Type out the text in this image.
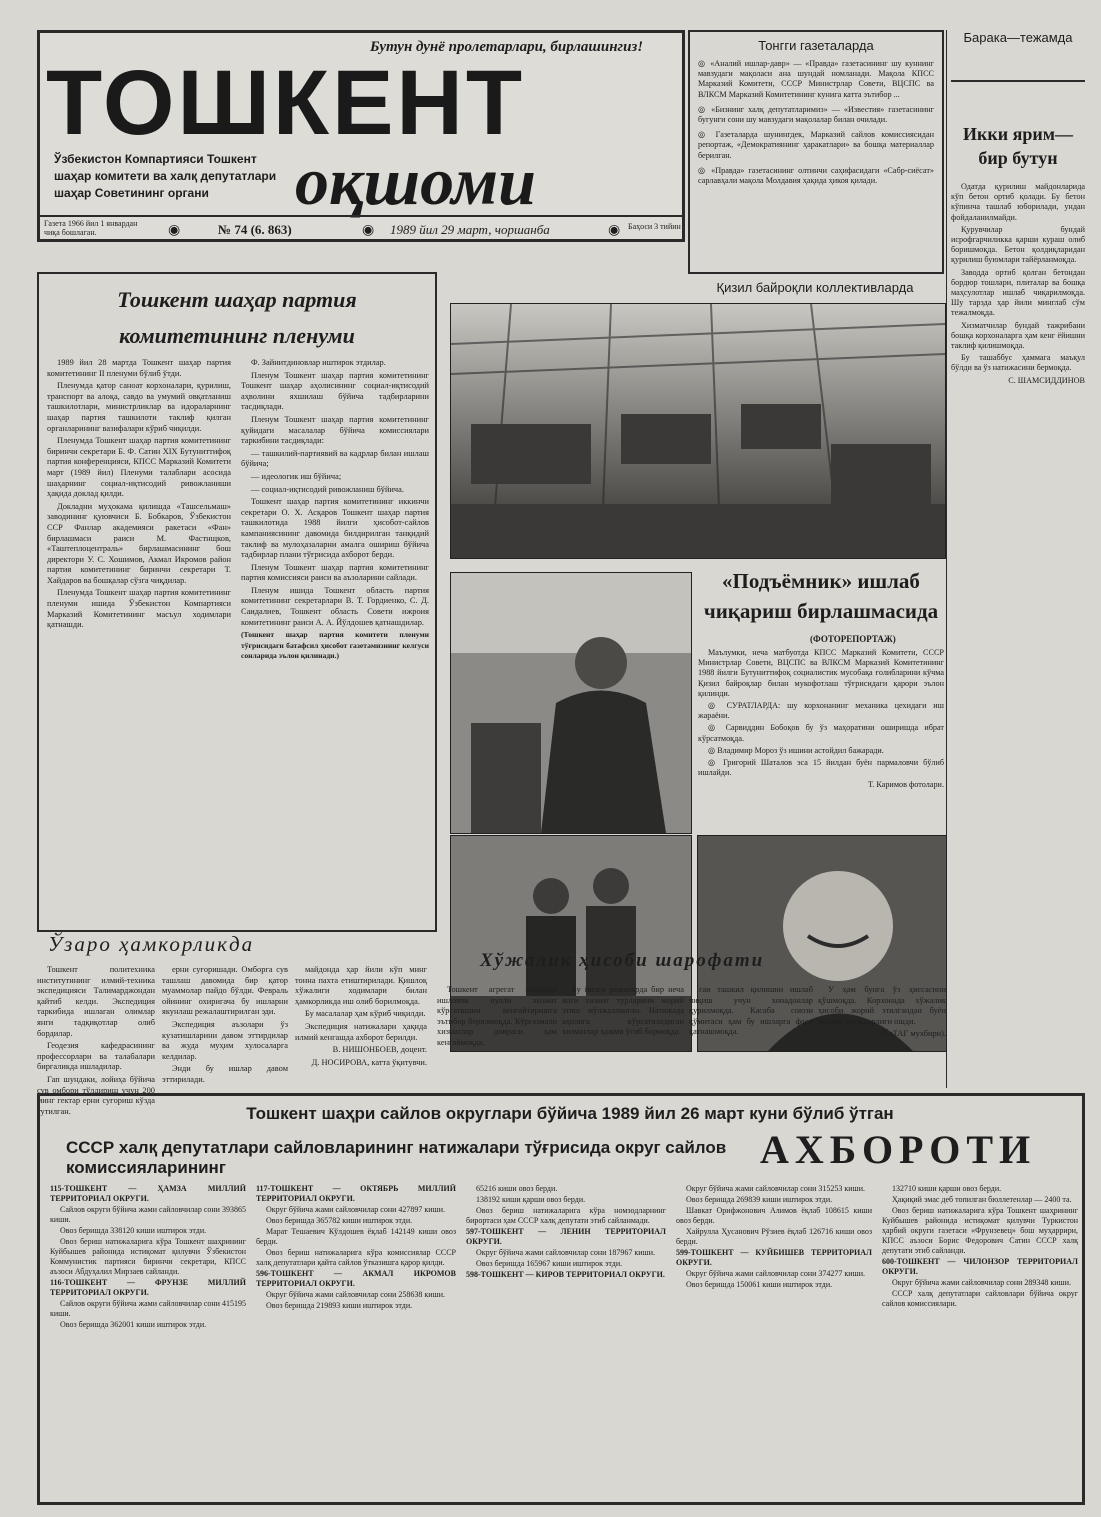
Бутун дунё пролетарлари, бирлашингиз!
ТОШКЕНТ
оқшоми
Ўзбекистон Компартияси Тошкент шаҳар комитети ва халқ депутатлари шаҳар Советининг органи
Газета 1966 йил 1 январдан чиқа бошлаган.	◉	№ 74 (6. 863)	◉ 1989 йил 29 март, чоршанба	◉ Баҳоси 3 тийин
Тонгги газеталарда

◎ «Аналий ишлар-давр» — «Правда» газетасининг шу куннинг мавзудаги мақоласи ана шундай номланади. Мақола КПСС Марказий Комитети, СССР Министрлар Совети, ВЦСПС ва ВЛКСМ Марказий Комитетининг кунига катта эътибор ...

◎ «Бизнинг халқ депутатларимиз» — «Известия» газетасининг бугунги сони шу мавзудаги мақолалар билан очилади.

◎ Газеталарда шунингдек, Марказий сайлов комиссиясидан репортаж, «Демократиянинг ҳаракатлари» ва бошқа материаллар берилган.

◎ «Правда» газетасининг олтинчи саҳифасидаги «Сабр-сиёсат» сарлавҳали мақола Молдавия ҳақида ҳикоя қилади.

Барака—тежамда
Икки ярим—бир бутун

Одатда қурилиш майдонларида кўп бетон ортиб қолади. Бу бетон кўпинча ташлаб юборилади, ундан фойдаланилмайди.

Қурувчилар бундай исрофгарчиликка қарши кураш олиб боришмоқда. Бетон қолдиқларидан қурилиш буюмлари тайёрланмоқда.

Заводда ортиб қолган бетондан бордюр тошлари, плиталар ва бошқа маҳсулотлар ишлаб чиқарилмоқда. Шу тарзда ҳар йили минглаб сўм тежалмоқда.

Хизматчилар бундай тажрибани бошқа корхоналарга ҳам кенг ёйишни таклиф қилишмоқда.

Бу ташаббус ҳаммага маъқул бўлди ва ўз натижасини бермоқда.

С. ШАМСИДДИНОВ

Тошкент шаҳар партия
комитетининг пленуми

1989 йил 28 мартда Тошкент шаҳар партия комитетининг II пленуми бўлиб ўтди.

Пленумда қатор саноат корхоналари, қурилиш, транспорт ва алоқа, савдо ва умумий овқатланиш ташкилотлари, министрликлар ва идораларнинг шаҳар партия ташкилоти таклиф қилган органларининг вазифалари кўриб чиқилди.

Пленумда Тошкент шаҳар партия комитетининг биринчи секретари Б. Ф. Сатин XIX Бутуниттифоқ партия конференцияси, КПСС Марказий Комитети март (1989 йил) Пленуми талаблари асосида шаҳарнинг социал-иқтисодий ривожланиши ҳақида доклад қилди.

Докладни муҳокама қилишда «Ташсельмаш» заводининг қуювчиси Б. Бобкаров, Ўзбекистон ССР Фанлар академияси ракетаси «Фан» бирлашмаси раиси М. Фастнщков, «Таштеплоцентраль» бирлашмасининг бош директори У. С. Хошимов, Акмал Икромов район партия комитетининг биринчи секретари Т. Хайдаров ва бошқалар сўзга чиқдилар.

Пленумда Тошкент шаҳар партия комитетининг пленуми ишида Ўзбекистон Компартияси Марказий Комитетининг масъул ходимлари қатнашди.

Ф. Зайнитдиновлар иштирок этдилар.

Пленум Тошкент шаҳар партия комитетининг Тошкент шаҳар аҳолисининг социал-иқтисодий аҳволини яхшилаш бўйича тадбирларини тасдиқлади.

Пленум Тошкент шаҳар партия комитетининг қуйидаги масалалар бўйича комиссиялари таркибини тасдиқлади:

— ташкилий-партиявий ва кадрлар билан ишлаш бўйича;

— идеологик иш бўйича;

— социал-иқтисодий ривожланиш бўйича.

Тошкент шаҳар партия комитетининг иккинчи секретари О. Х. Асқаров Тошкент шаҳар партия ташкилотида 1988 йилги ҳисобот-сайлов кампаниясининг давомида билдирилган танқидий таклиф ва мулоҳазаларни амалга ошириш бўйича тадбирлар плани тўғрисида ахборот берди.

Пленум Тошкент шаҳар партия комитетининг партия комиссияси раиси ва аъзоларини сайлади.

Пленум ишида Тошкент область партия комитетининг секретарлари В. Т. Гордиенко, С. Д. Саидалиев, Тошкент область Совети ижроия комитетининг раиси А. А. Йўлдошев қатнашдилар.

(Тошкент шаҳар партия комитети пленуми тўғрисидаги батафсил ҳисобот газетамизнинг келгуси сонларида эълон қилинади.)

Қизил байроқли коллективларда
«Подъёмник» ишлаб
чиқариш бирлашмасида
(ФОТОРЕПОРТАЖ)

Маълумки, неча матбуотда КПСС Марказий Комитети, СССР Министрлар Совети, ВЦСПС ва ВЛКСМ Марказий Комитетининг 1988 йилги Бутуниттифоқ социалистик мусобақа ғолибларини кўчма Қизил байроқлар билан мукофотлаш тўғрисидаги қарори эълон қилинди.

◎ СУРАТЛАРДА: шу корхонанинг механика цехидаги иш жараёни.

◎ Сарвиддин Бобоқов бу ўз маҳоратини оширишда ибрат кўрсатмоқда.

◎ Владимир Мороз ўз ишини астойдил бажаради.

◎ Григорий Шаталов эса 15 йилдан буён пармаловчи бўлиб ишлайди.

Т. Каримов фотолари.

Ўзаро ҳамкорликда

Тошкент политехника институтининг илмий-техника экспедицияси Талимарджондан қайтиб келди. Экспедиция таркибида ишлаган олимлар янги тадқиқотлар олиб бордилар.

Геодезия кафедрасининг профессорлари ва талабалари биргаликда ишладилар.

Гап шундаки, лойиҳа бўйича сув омбори тўлдириш учун 200 минг гектар ерни суғориш кўзда тутилган.

ерни суғоришади. Омборга сув ташлаш давомида бир қатор муаммолар пайдо бўлди. Февраль ойининг охиригача бу ишларни якунлаш режалаштирилган эди.

Экспедиция аъзолари ўз кузатишларини давом эттирдилар ва жуда муҳим хулосаларга келдилар.

Энди бу ишлар давом эттирилади.

майдонда ҳар йили кўп минг тонна пахта етиштирилади. Қишлоқ хўжалиги ходимлари билан ҳамкорликда иш олиб борилмоқда.

Бу масалалар ҳам кўриб чиқилди.

Экспедиция натижалари ҳақида илмий кенгашда ахборот берилди.

В. НИШОНБОЕВ, доцент.

Д. НОСИРОВА, катта ўқитувчи.

Хўжалик ҳисоби шарофати

Тошкент агрегат заводида ишловчи пулли хизмат кўрсатишни кенгайтиришга эътибор берилмоқда. Кўргазмали хизматлар доираси ҳам кенгаймоқда.

Бу йилги режаларда бир неча янги хизмат турларини жорий этиш мўлжалланган. Натижада аҳолига кўрсатиладиган хизматлар ҳажми ўсиб бормоқда.

гаи ташкил қилишни ишлаб чиқиш учун хонадонлар қурилмоқда. Касаба союзи қўмитаси ҳам бу ишларга фаол қатнашмоқда.

У ҳам бунга ўз ҳиссасини қўшмоқда. Корхонада хўжалик ҳисоби жорий этилгандан буён меҳнат унумдорлиги ошди.

(ЎзТАГ мухбири).

Тошкент шаҳри сайлов округлари бўйича 1989 йил 26 март куни бўлиб ўтган
СССР халқ депутатлари сайловларининг натижалари тўғрисида округ сайлов комиссияларининг	АХБОРОТИ

115-ТОШКЕНТ — ҲАМЗА МИЛЛИЙ ТЕРРИТОРИАЛ ОКРУГИ.

Сайлов округи бўйича жами сайловчилар сони 393865 киши.

Овоз беришда 338120 киши иштирок этди.

Овоз бериш натижаларига кўра Тошкент шаҳрининг Куйбышев районида истиқомат қилувчи Ўзбекистон Коммунистик партияси биринчи секретари, КПСС аъзоси Абдуҳалил Мирзаев сайланди.

116-ТОШКЕНТ — ФРУНЗЕ МИЛЛИЙ ТЕРРИТОРИАЛ ОКРУГИ.

Сайлов округи бўйича жами сайловчилар сони 415195 киши.

Овоз беришда 362001 киши иштирок этди.

117-ТОШКЕНТ — ОКТЯБРЬ МИЛЛИЙ ТЕРРИТОРИАЛ ОКРУГИ.

Округ бўйича жами сайловчилар сони 427897 киши.

Овоз беришда 365782 киши иштирок этди.

Марат Тешаевич Кўлдошев ёқлаб 142149 киши овоз берди.

Овоз бериш натижаларига кўра комиссиялар СССР халқ депутатлари қайта сайлов ўтказишга қарор қилди.

596-ТОШКЕНТ — АКМАЛ ИКРОМОВ ТЕРРИТОРИАЛ ОКРУГИ.

Округ бўйича жами сайловчилар сони 258638 киши.

Овоз беришда 219893 киши иштирок этди.

65216 киши овоз берди.

138192 киши қарши овоз берди.

Овоз бериш натижаларига кўра номзодларнинг бирортаси ҳам СССР халқ депутати этиб сайланмади.

597-ТОШКЕНТ — ЛЕНИН ТЕРРИТОРИАЛ ОКРУГИ.

Округ бўйича жами сайловчилар сони 187967 киши.

Овоз беришда 165967 киши иштирок этди.

598-ТОШКЕНТ — КИРОВ ТЕРРИТОРИАЛ ОКРУГИ.

Округ бўйича жами сайловчилар сони 315253 киши.

Овоз беришда 269839 киши иштирок этди.

Шавкат Орифжонович Алимов ёқлаб 108615 киши овоз берди.

Хайрулла Ҳусанович Рўзиев ёқлаб 126716 киши овоз берди.

599-ТОШКЕНТ — КУЙБИШЕВ ТЕРРИТОРИАЛ ОКРУГИ.

Округ бўйича жами сайловчилар сони 374277 киши.

Овоз беришда 150061 киши иштирок этди.

132710 киши қарши овоз берди.

Ҳақиқий эмас деб топилган бюллетенлар — 2400 та.

Овоз бериш натижаларига кўра Тошкент шаҳрининг Куйбышев районида истиқомат қилувчи Туркистон ҳарбий округи газетаси «Фрунзевец» бош муҳаррири, КПСС аъзоси Борис Федорович Сатин СССР халқ депутати этиб сайланди.

600-ТОШКЕНТ — ЧИЛОНЗОР ТЕРРИТОРИАЛ ОКРУГИ.

Округ бўйича жами сайловчилар сони 289348 киши.

СССР халқ депутатлари сайловлари бўйича округ сайлов комиссиялари.
